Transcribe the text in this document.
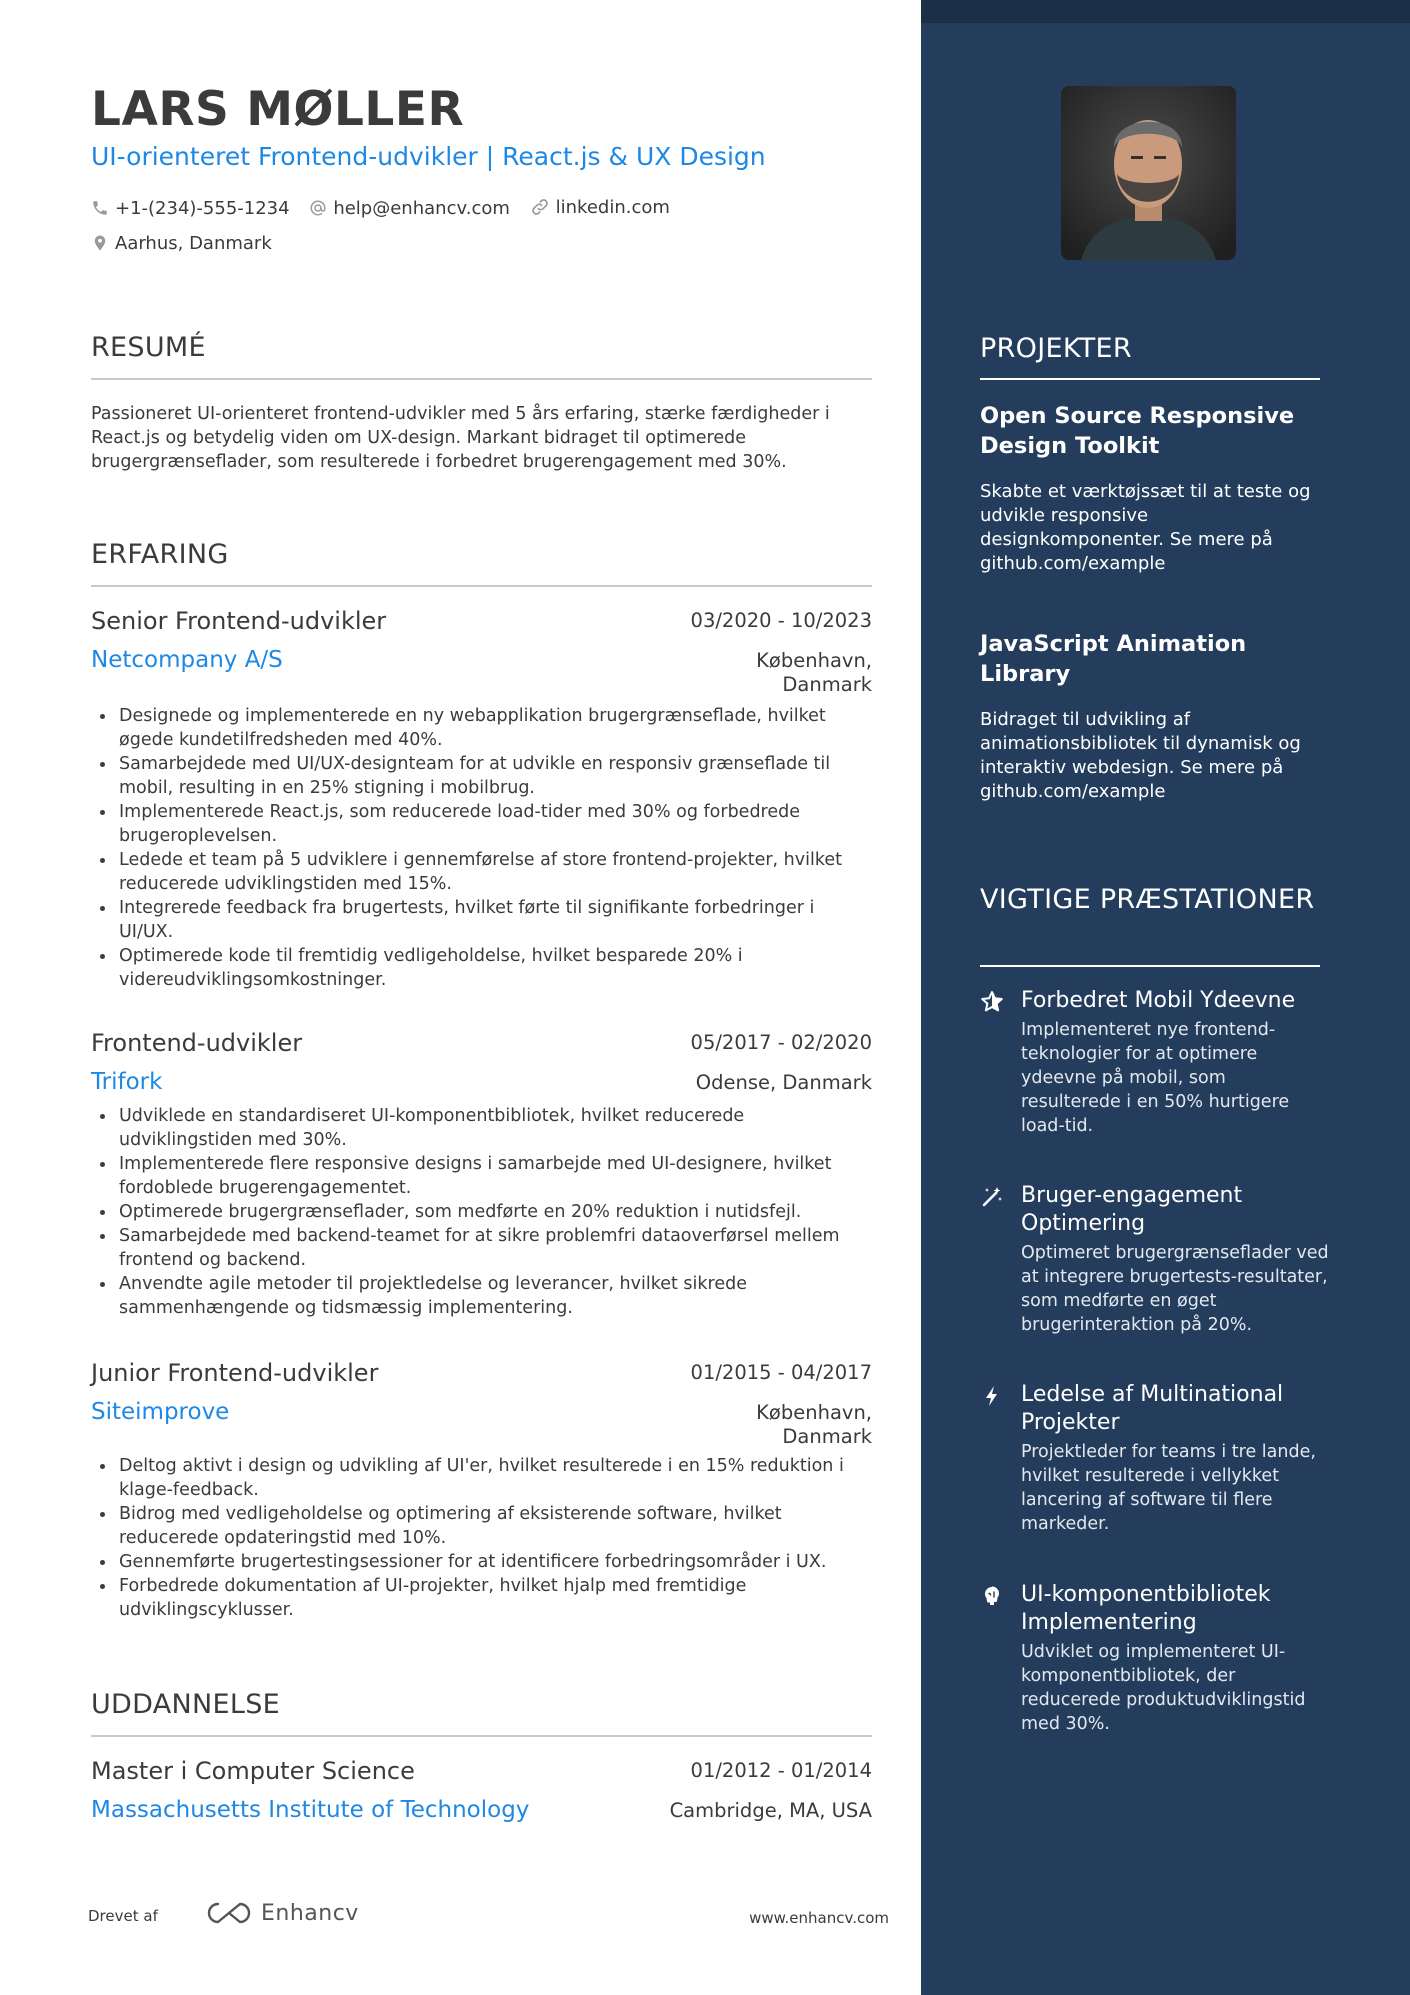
LARS MØLLER
UI-orienteret Frontend-udvikler | React.js & UX Design
+1-(234)-555-1234
help@enhancv.com
	linkedin.com
Aarhus, Danmark
RESUMÉ
Passioneret UI-orienteret frontend-udvikler med 5 års erfaring, stærke færdigheder i React.js og betydelig viden om UX-design. Markant bidraget til optimerede brugergrænseflader, som resulterede i forbedret brugerengagement med 30%.
ERFARING
Senior Frontend-udvikler	03/2020 - 10/2023
Netcompany A/S	København, Danmark
Designede og implementerede en ny webapplikation brugergrænseflade, hvilket øgede kundetilfredsheden med 40%.
Samarbejdede med UI/UX-designteam for at udvikle en responsiv grænseflade til mobil, resulting in en 25% stigning i mobilbrug.
Implementerede React.js, som reducerede load-tider med 30% og forbedrede brugeroplevelsen.
Ledede et team på 5 udviklere i gennemførelse af store frontend-projekter, hvilket reducerede udviklingstiden med 15%.
Integrerede feedback fra brugertests, hvilket førte til signifikante forbedringer i UI/UX.
Optimerede kode til fremtidig vedligeholdelse, hvilket besparede 20% i videreudviklingsomkostninger.
Frontend-udvikler	05/2017 - 02/2020
Trifork	Odense, Danmark
Udviklede en standardiseret UI-komponentbibliotek, hvilket reducerede udviklingstiden med 30%.
Implementerede flere responsive designs i samarbejde med UI-designere, hvilket fordoblede brugerengagementet.
Optimerede brugergrænseflader, som medførte en 20% reduktion i nutidsfejl.
Samarbejdede med backend-teamet for at sikre problemfri dataoverførsel mellem frontend og backend.
Anvendte agile metoder til projektledelse og leverancer, hvilket sikrede sammenhængende og tidsmæssig implementering.
Junior Frontend-udvikler	01/2015 - 04/2017
Siteimprove	København, Danmark
Deltog aktivt i design og udvikling af UI'er, hvilket resulterede i en 15% reduktion i klage-feedback.
Bidrog med vedligeholdelse og optimering af eksisterende software, hvilket reducerede opdateringstid med 10%.
Gennemførte brugertestingsessioner for at identificere forbedringsområder i UX.
Forbedrede dokumentation af UI-projekter, hvilket hjalp med fremtidige udviklingscyklusser.
UDDANNELSE
Master i Computer Science	01/2012 - 01/2014
Massachusetts Institute of Technology	Cambridge, MA, USA
Drevet af	Enhancv	www.enhancv.com
PROJEKTER
Open Source Responsive Design Toolkit
Skabte et værktøjssæt til at teste og udvikle responsive designkomponenter. Se mere på github.com/example
JavaScript Animation Library
Bidraget til udvikling af animationsbibliotek til dynamisk og interaktiv webdesign. Se mere på github.com/example
VIGTIGE PRÆSTATIONER
Forbedret Mobil Ydeevne
Implementeret nye frontend-teknologier for at optimere ydeevne på mobil, som resulterede i en 50% hurtigere load-tid.
Bruger-engagement Optimering
Optimeret brugergrænseflader ved at integrere brugertests-resultater, som medførte en øget brugerinteraktion på 20%.
Ledelse af Multinational Projekter
Projektleder for teams i tre lande, hvilket resulterede i vellykket lancering af software til flere markeder.
UI-komponentbibliotek Implementering
Udviklet og implementeret UI-komponentbibliotek, der reducerede produktudviklingstid med 30%.
